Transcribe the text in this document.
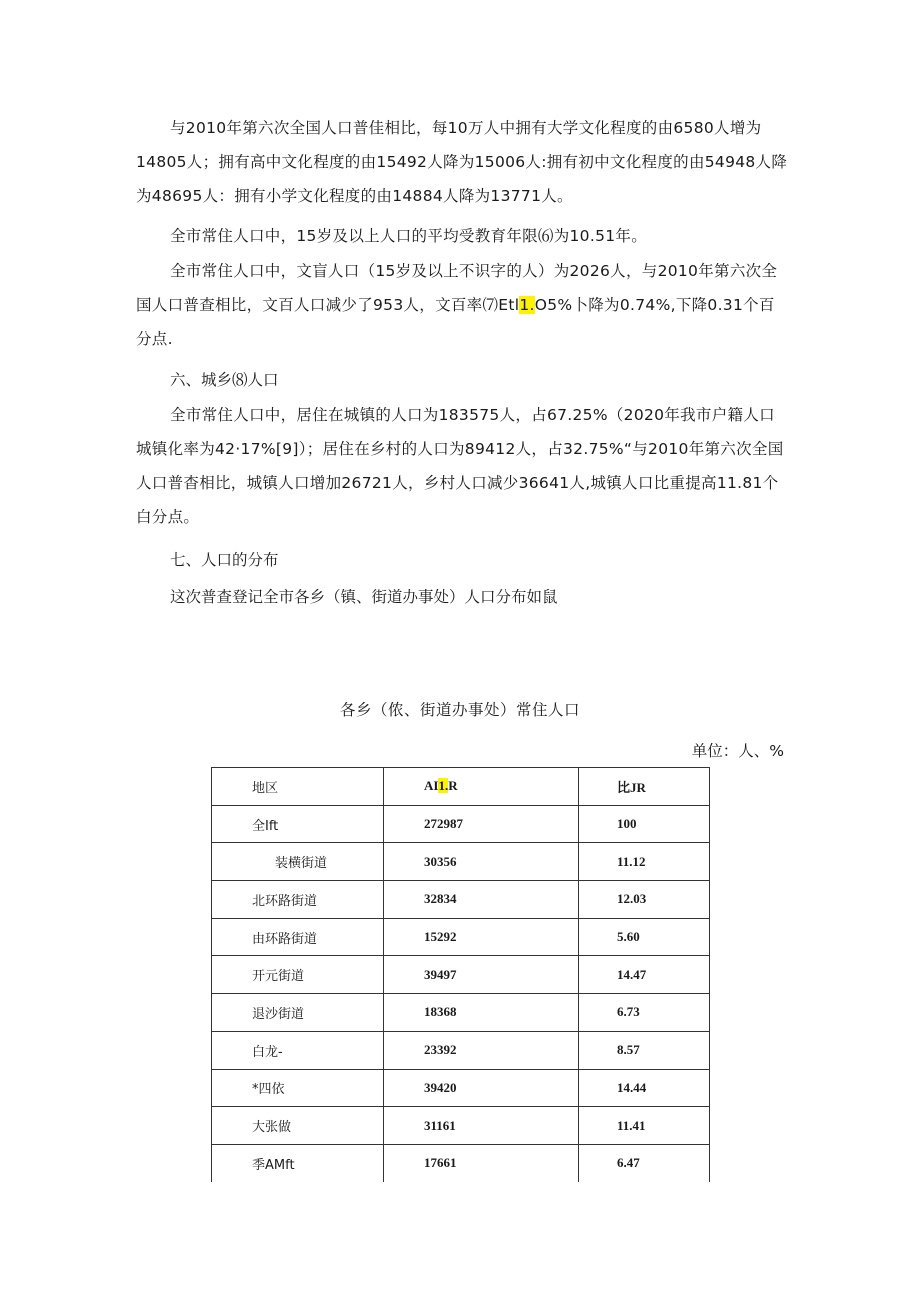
与2010年第六次全国人口普佳相比，每10万人中拥有大学文化程度的由6580人增为14805人；拥有高中文化程度的由15492人降为15006人:拥有初中文化程度的由54948人降为48695人：拥有小学文化程度的由14884人降为13771人。

全市常住人口中，15岁及以上人口的平均受教育年限⑹为10.51年。

全市常住人口中，文盲人口（15岁及以上不识字的人）为2026人，与2010年第六次全国人口普查相比，文百人口减少了953人，文百率⑺Etl1.O5%卜降为0.74%,下降0.31个百分点.

六、城乡⑻人口

全市常住人口中，居住在城镇的人口为183575人，占67.25%（2020年我市户籍人口城镇化率为42·17%[9]）；居住在乡村的人口为89412人，占32.75%“与2010年第六次全国人口普杳相比，城镇人口增加26721人，乡村人口减少36641人,城镇人口比重提高11.81个白分点。

七、人口的分布

这次普查登记全市各乡（镇、街道办事处）人口分布如鼠

各乡（侬、街道办事处）常住人口
单位：人、%
地区	AI1.R	比JR
全Ift	272987	100
装横街道	30356	11.12
北环路街道	32834	12.03
由环路街道	15292	5.60
开元街道	39497	14.47
退沙街道	18368	6.73
白龙-	23392	8.57
*四依	39420	14.44
大张做	31161	11.41
季AMft	17661	6.47
